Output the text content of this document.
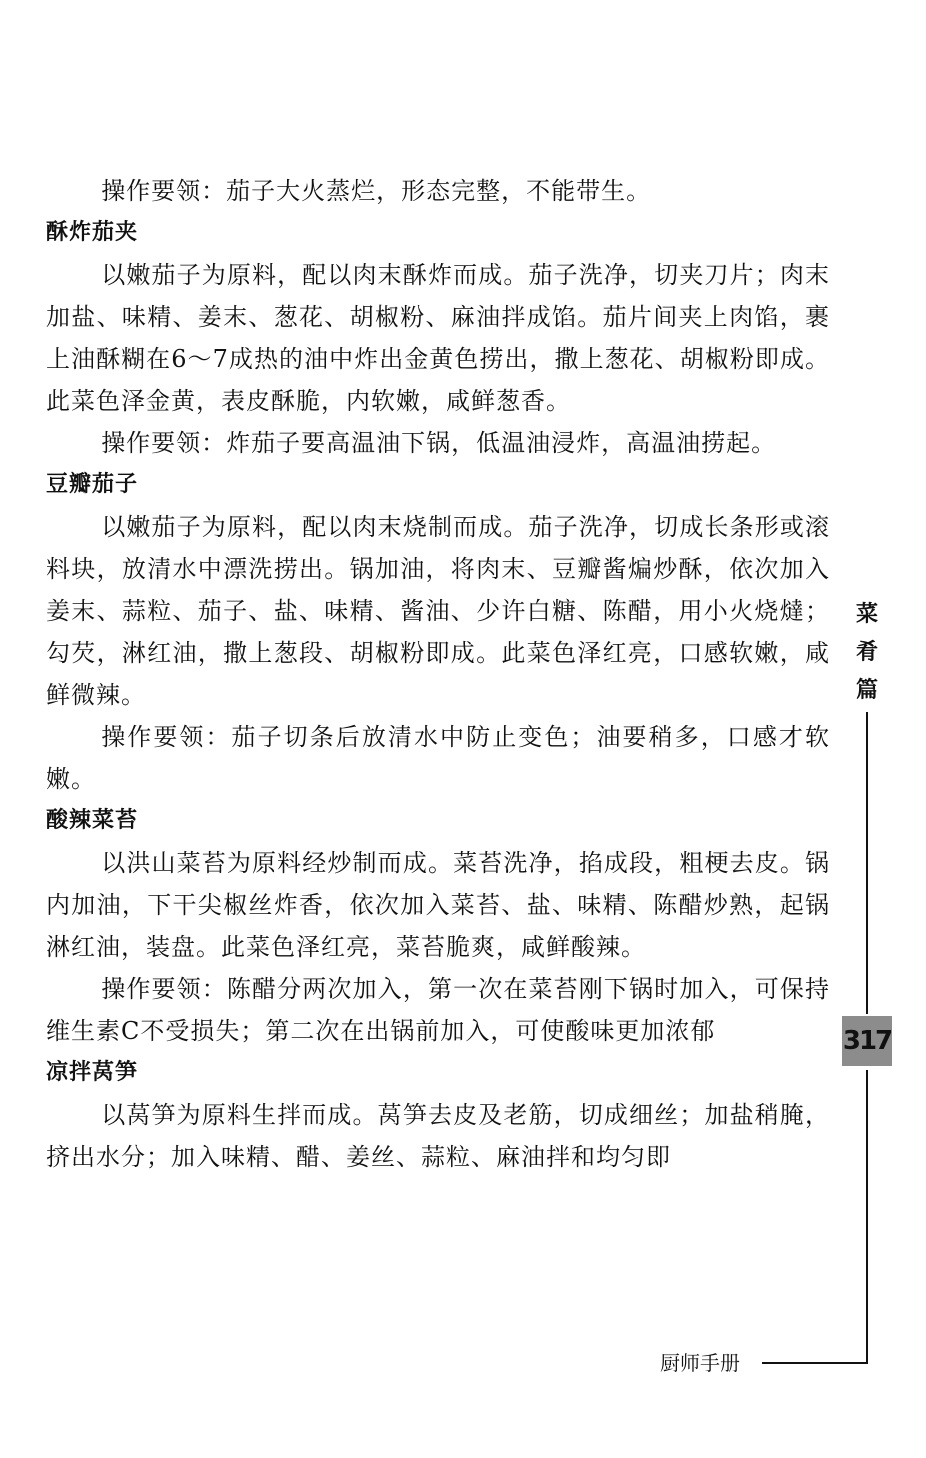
操作要领：茄子大火蒸烂，形态完整，不能带生。

酥炸茄夹

以嫩茄子为原料，配以肉末酥炸而成。茄子洗净，切夹刀片；肉末加盐、味精、姜末、葱花、胡椒粉、麻油拌成馅。茄片间夹上肉馅，裹上油酥糊在6～7成热的油中炸出金黄色捞出，撒上葱花、胡椒粉即成。此菜色泽金黄，表皮酥脆，内软嫩，咸鲜葱香。

操作要领：炸茄子要高温油下锅，低温油浸炸，高温油捞起。

豆瓣茄子

以嫩茄子为原料，配以肉末烧制而成。茄子洗净，切成长条形或滚料块，放清水中漂洗捞出。锅加油，将肉末、豆瓣酱煸炒酥，依次加入姜末、蒜粒、茄子、盐、味精、酱油、少许白糖、陈醋，用小火烧燵；勾芡，淋红油，撒上葱段、胡椒粉即成。此菜色泽红亮，口感软嫩，咸鲜微辣。

操作要领：茄子切条后放清水中防止变色；油要稍多，口感才软嫩。

酸辣菜苔

以洪山菜苔为原料经炒制而成。菜苔洗净，掐成段，粗梗去皮。锅内加油，下干尖椒丝炸香，依次加入菜苔、盐、味精、陈醋炒熟，起锅淋红油，装盘。此菜色泽红亮，菜苔脆爽，咸鲜酸辣。

操作要领：陈醋分两次加入，第一次在菜苔刚下锅时加入，可保持维生素C不受损失；第二次在出锅前加入，可使酸味更加浓郁

凉拌莴笋

以莴笋为原料生拌而成。莴笋去皮及老筋，切成细丝；加盐稍腌，挤出水分；加入味精、醋、姜丝、蒜粒、麻油拌和均匀即

菜
肴
篇
317
厨师手册
